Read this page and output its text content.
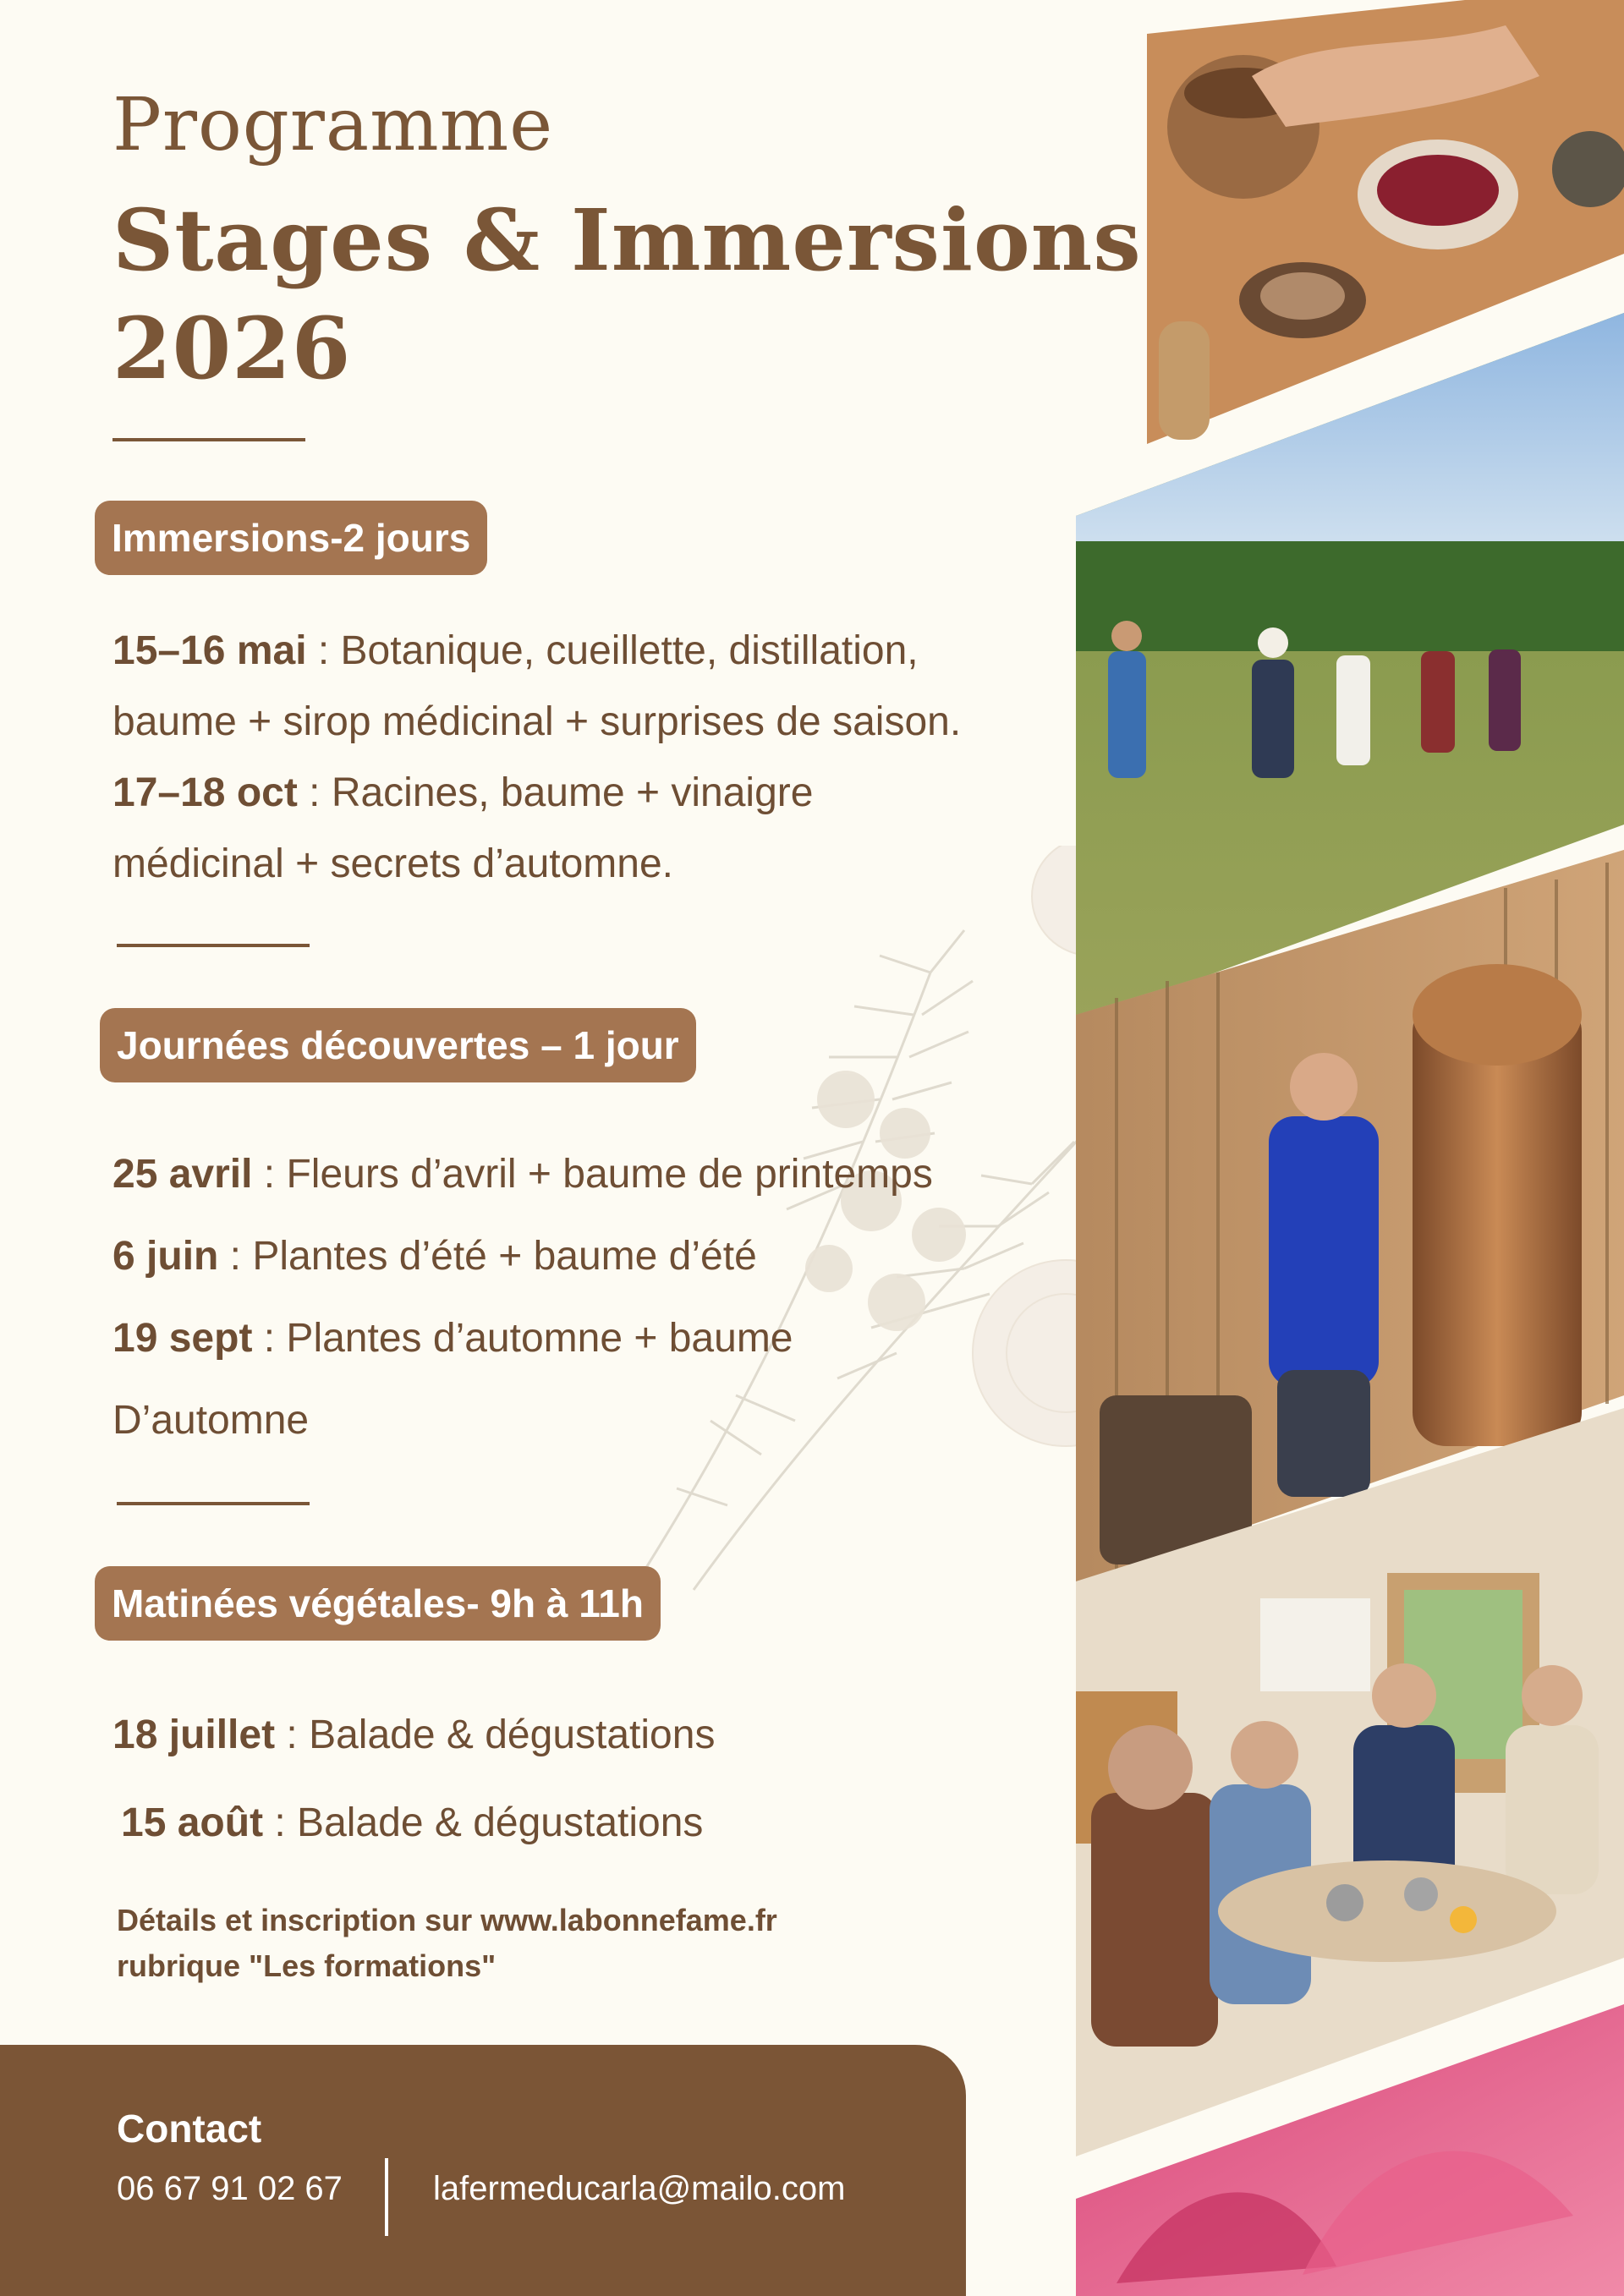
Programme
Stages & Immersions
2026
Immersions-2 jours
15–16 mai : Botanique, cueillette, distillation,
baume + sirop médicinal + surprises de saison.
17–18 oct : Racines, baume + vinaigre
médicinal + secrets d’automne.
Journées découvertes – 1 jour
25 avril : Fleurs d’avril + baume de printemps
6 juin : Plantes d’été + baume d’été
19 sept : Plantes d’automne + baume
D’automne
Matinées végétales- 9h à 11h
18 juillet : Balade & dégustations
15 août : Balade & dégustations
Détails et inscription sur www.labonnefame.fr
rubrique "Les formations"
Contact
06 67 91 02 67	lafermeducarla@mailo.com
